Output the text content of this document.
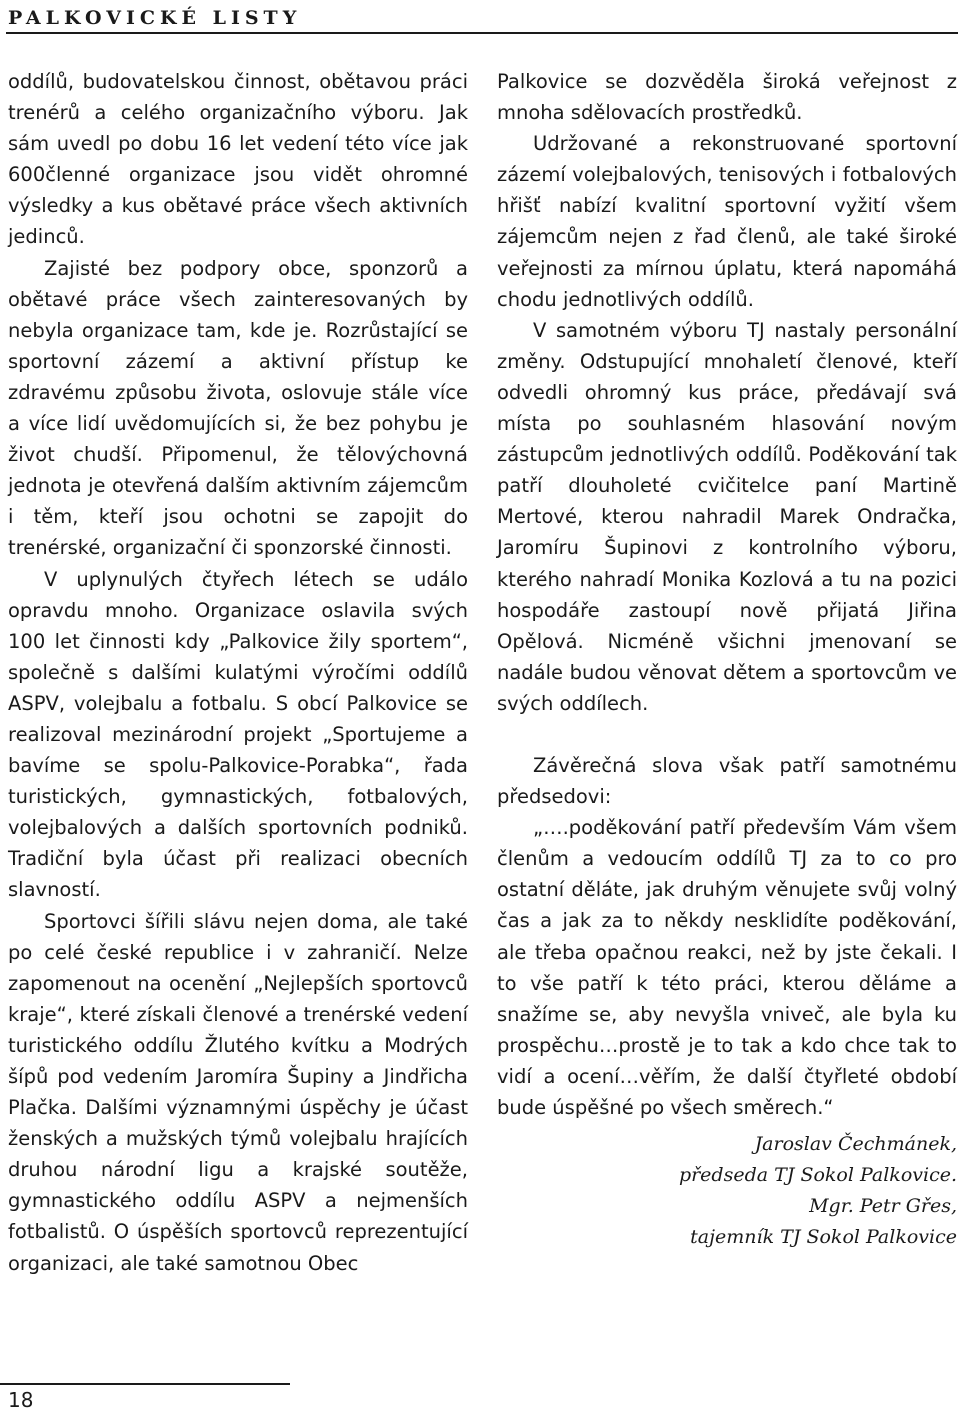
PALKOVICKÉ LISTY

oddílů, budovatelskou činnost, obětavou práci trenérů a celého organizačního výboru. Jak sám uvedl po dobu 16 let vedení této více jak 600členné organizace jsou vidět ohromné výsledky a kus obětavé práce všech aktivních jedinců.

Zajisté bez podpory obce, sponzorů a obětavé práce všech zainteresovaných by nebyla organizace tam, kde je. Rozrůstající se sportovní zázemí a aktivní přístup ke zdravému způsobu života, oslovuje stále více a více lidí uvědomujících si, že bez pohybu je život chudší. Připomenul, že tělovýchovná jednota je otevřená dalším aktivním zájemcům i těm, kteří jsou ochotni se zapojit do trenérské, organizační či sponzorské činnosti.

V uplynulých čtyřech létech se událo opravdu mnoho. Organizace oslavila svých 100 let činnosti kdy „Palkovice žily sportem“, společně s dalšími kulatými výročími oddílů ASPV, volejbalu a fotbalu. S obcí Palkovice se realizoval mezinárodní projekt „Sportujeme a bavíme se spolu-Palkovice-Porabka“, řada turistických, gymnastických, fotbalových, volejbalových a dalších sportovních podniků. Tradiční byla účast při realizaci obecních slavností.

Sportovci šířili slávu nejen doma, ale také po celé české republice i v zahraničí. Nelze zapomenout na ocenění „Nejlepších sportovců kraje“, které získali členové a trenérské vedení turistického oddílu Žlutého kvítku a Modrých šípů pod vedením Jaromíra Šupiny a Jindřicha Plačka. Dalšími významnými úspěchy je účast ženských a mužských týmů volejbalu hrajících druhou národní ligu a krajské soutěže, gymnastického oddílu ASPV a nejmenších fotbalistů. O úspěších sportovců reprezentující organizaci, ale také samotnou Obec

Palkovice se dozvěděla široká veřejnost z mnoha sdělovacích prostředků.

Udržované a rekonstruované sportovní zázemí volejbalových, tenisových i fotbalových hřišť nabízí kvalitní sportovní vyžití všem zájemcům nejen z řad členů, ale také široké veřejnosti za mírnou úplatu, která napomáhá chodu jednotlivých oddílů.

V samotném výboru TJ nastaly personální změny. Odstupující mnohaletí členové, kteří odvedli ohromný kus práce, předávají svá místa po souhlasném hlasování novým zástupcům jednotlivých oddílů. Poděkování tak patří dlouholeté cvičitelce paní Martině Mertové, kterou nahradil Marek Ondračka, Jaromíru Šupinovi z kontrolního výboru, kterého nahradí Monika Kozlová a tu na pozici hospodáře zastoupí nově přijatá Jiřina Opělová. Nicméně všichni jmenovaní se nadále budou věnovat dětem a sportovcům ve svých oddílech.

Závěrečná slova však patří samotnému předsedovi:

„….poděkování patří především Vám všem členům a vedoucím oddílů TJ za to co pro ostatní děláte, jak druhým věnujete svůj volný čas a jak za to někdy nesklidíte poděkování, ale třeba opačnou reakci, než by jste čekali. I to vše patří k této práci, kterou děláme a snažíme se, aby nevyšla vniveč, ale byla ku prospěchu…prostě je to tak a kdo chce tak to vidí a ocení…věřím, že další čtyřleté období bude úspěšné po všech směrech.“

Jaroslav Čechmánek,
předseda TJ Sokol Palkovice.
Mgr. Petr Gřes,
tajemník TJ Sokol Palkovice
18
